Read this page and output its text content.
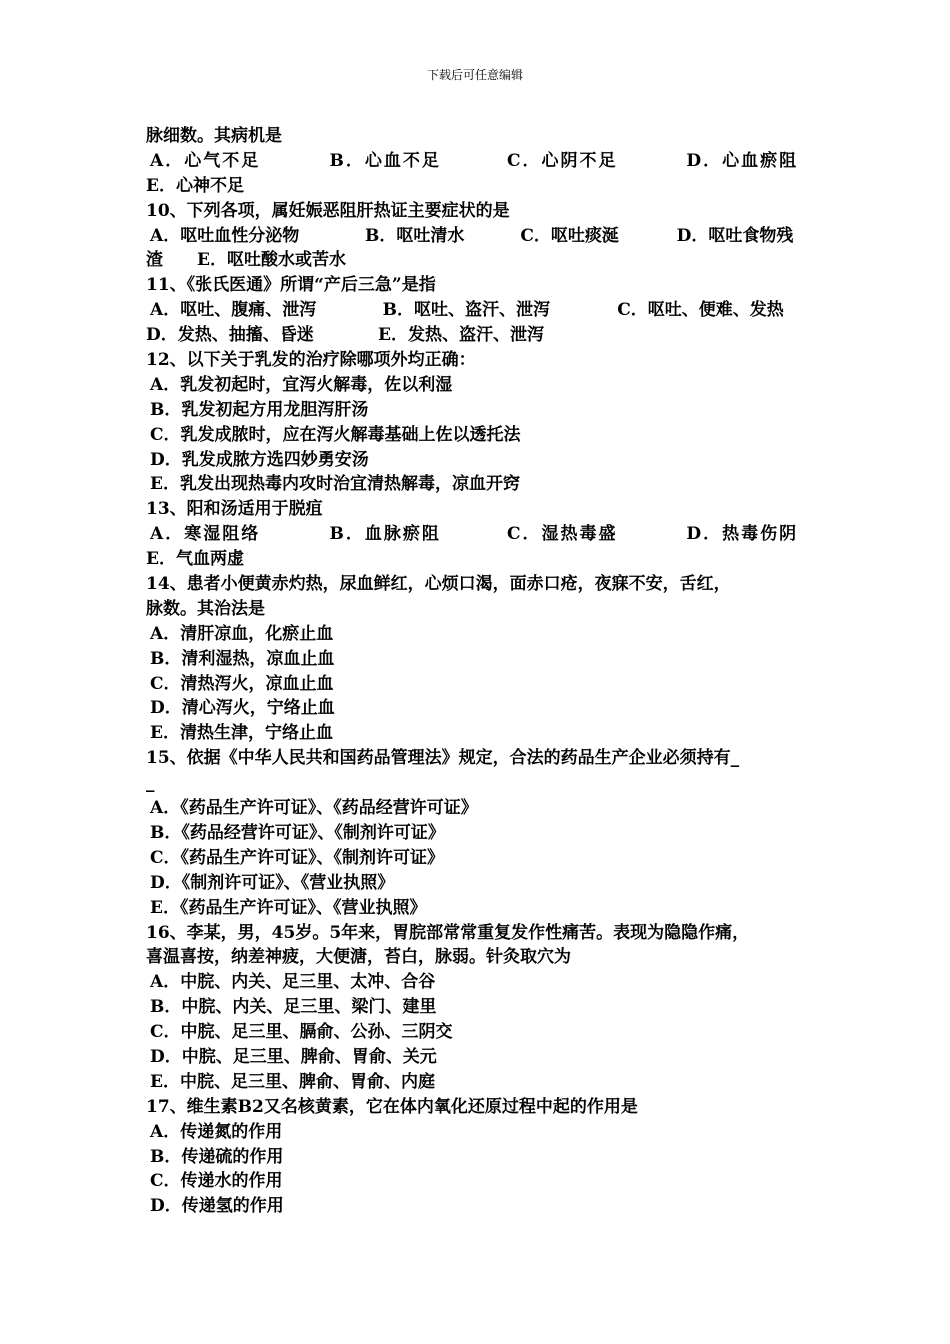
下载后可任意编辑
脉细数。其病机是
A．心气不足	B．心血不足	C．心阴不足	D．心血瘀阻
E．心神不足
10、下列各项，属妊娠恶阻肝热证主要症状的是
A．呕吐血性分泌物	B．呕吐清水	C．呕吐痰涎	D．呕吐食物残
渣　　E．呕吐酸水或苦水
11、《张氏医通》所谓“产后三急”是指
A．呕吐、腹痛、泄泻	B．呕吐、盗汗、泄泻	C．呕吐、便难、发热
D．发热、抽搐、昏迷	E．发热、盗汗、泄泻
12、以下关于乳发的治疗除哪项外均正确：
A．乳发初起时，宜泻火解毒，佐以利湿
B．乳发初起方用龙胆泻肝汤
C．乳发成脓时，应在泻火解毒基础上佐以透托法
D．乳发成脓方选四妙勇安汤
E．乳发出现热毒内攻时治宜清热解毒，凉血开窍
13、阳和汤适用于脱疽
A．寒湿阻络	B．血脉瘀阻	C．湿热毒盛	D．热毒伤阴
E．气血两虚
14、患者小便黄赤灼热，尿血鲜红，心烦口渴，面赤口疮，夜寐不安，舌红，
脉数。其治法是
A．清肝凉血，化瘀止血
B．清利湿热，凉血止血
C．清热泻火，凉血止血
D．清心泻火，宁络止血
E．清热生津，宁络止血
15、依据《中华人民共和国药品管理法》规定，合法的药品生产企业必须持有_
_
A．《药品生产许可证》、《药品经营许可证》
B．《药品经营许可证》、《制剂许可证》
C．《药品生产许可证》、《制剂许可证》
D．《制剂许可证》、《营业执照》
E．《药品生产许可证》、《营业执照》
16、李某，男，45岁。5年来，胃脘部常常重复发作性痛苦。表现为隐隐作痛，
喜温喜按，纳差神疲，大便溏，苔白，脉弱。针灸取穴为
A．中脘、内关、足三里、太冲、合谷
B．中脘、内关、足三里、梁门、建里
C．中脘、足三里、膈俞、公孙、三阴交
D．中脘、足三里、脾俞、胃俞、关元
E．中脘、足三里、脾俞、胃俞、内庭
17、维生素B2又名核黄素，它在体内氧化还原过程中起的作用是
A．传递氮的作用
B．传递硫的作用
C．传递水的作用
D．传递氢的作用
